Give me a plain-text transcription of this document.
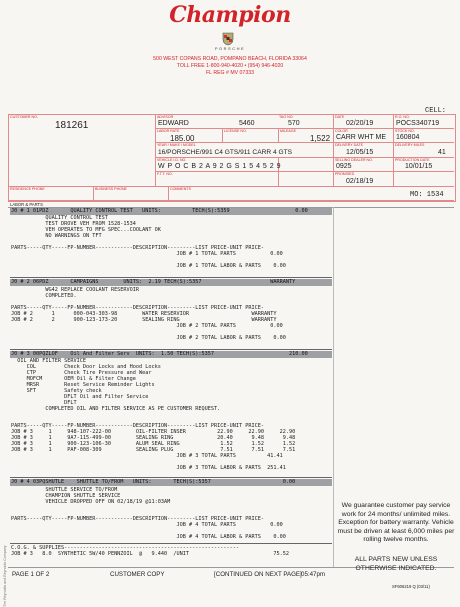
Champion
PORSCHE
500 WEST COPANS ROAD, POMPANO BEACH, FLORIDA 33064
TOLL FREE 1-800-940-4020 • (954) 946-4020
FL REG # MV 07333
CELL:
CUSTOMER NO.
181261
ADVISOR
EDWARD	5460
TAG NO.
570
DATE
02/20/19
R.O. NO.
POCS340719
LABOR RATE
185.00
LICENSE NO.	MILEAGE
1,522
COLOR
CARR WHT ME
STOCK NO.
160804
YEAR / MAKE / MODEL
16/PORSCHE/991 C4 GTS/911 CARR 4 GTS
DELIVERY DATE
12/05/15
DELIVERY MILES
41
VEHICLE I.D. NO.
W P O C B 2 A 9 2 G S 1 5 4 5 2 9
SELLING DEALER NO.
0925
PRODUCTION DATE
10/01/15
F.T.T. NO.	PROMISED
02/18/19
RESIDENCE PHONE	BUSINESS PHONE	COMMENTS
MO: 1534
LABOR & PARTS
J0 # 1 01PDZ       QUALITY CONTROL TEST   UNITS:          TECH(S):5359                     0.00
QUALITY CONTROL TEST
TEST DROVE VEH FROM 1528-1534
VEH OPERATES TO MFG SPEC...COOLANT OK
NO WARNINGS ON TFT
PARTS-----QTY-----FP-NUMBER------------DESCRIPTION---------LIST PRICE-UNIT PRICE-
JOB # 1 TOTAL PARTS           0.00

JOB # 1 TOTAL LABOR & PARTS    0.00
J0 # 2 06PDZ       CAMPAIGNS        UNITS:  2.19 TECH(S):5357                      WARRANTY
WG42 REPLACE COOLANT RESERVOIR
COMPLETED.
PARTS-----QTY-----FP-NUMBER------------DESCRIPTION---------LIST PRICE-UNIT PRICE-
JOB # 2      1      000-043-303-98        WATER RESERVIOR                    WARRANTY
JOB # 2      2      900-123-173-20        SEALING RING                       WARRANTY
JOB # 2 TOTAL PARTS           0.00

JOB # 2 TOTAL LABOR & PARTS    0.00
J0 # 3 00PQZLOF    Oil And Filter Serv  UNITS:  1.50 TECH(S):5357                        210.00
OIL AND FILTER SERVICE
COL         Check Door Locks and Hood Locks
CTP         Check Tire Pressure and Wear
MOFCM       OEM Oil & Filter Change
MRSR        Reset Service Reminder Lights
SFT         Safety check
DFLT Oil and Filter Service
DFLT
COMPLETED OIL AND FILTER SERVICE AS PE CUSTOMER REQUEST.
PARTS-----QTY-----FP-NUMBER------------DESCRIPTION---------LIST PRICE-UNIT PRICE-
JOB # 3     1     948-107-222-00        OIL-FILTER INSER          22.90     22.90     22.90
JOB # 3     1     9A7-115-499-00        SEALING RING              20.40      9.48      9.48
JOB # 3     1     900-123-106-30        ALUM SEAL RING             1.52      1.52      1.52
JOB # 3     1     PAF-008-309           SEALING PLUG               7.51      7.51      7.51
JOB # 3 TOTAL PARTS          41.41

JOB # 3 TOTAL LABOR & PARTS  251.41
J0 # 4 03PQSHUTLE    SHUTTLE TO/FROM   UNITS:       TECH(S):5357                       0.00
SHUTTLE SERVICE TO/FROM
CHAMPION SHUTTLE SERVICE
VEHICLE DROPPED OFF ON 02/18/19 @11:03AM
PARTS-----QTY-----FP-NUMBER------------DESCRIPTION---------LIST PRICE-UNIT PRICE-
JOB # 4 TOTAL PARTS           0.00

JOB # 4 TOTAL LABOR & PARTS    0.00
C.O.G. & SUPPLIES--------------------------------------------------------
JOB # 3   8.0  SYNTHETIC 5W/40 PENNZOIL  @   9.440  /UNIT                           75.52
We guarantee customer pay service work for 24 months/ unlimited miles. Exception for battery warranty. Vehicle must be driven at least 6,000 miles per rolling twelve months.
ALL PARTS NEW UNLESS OTHERWISE INDICATED.
PAGE 1 OF 2	CUSTOMER COPY	[CONTINUED ON NEXT PAGE] 05:47pm
SF606219 Q (03/11)
The Reynolds and Reynolds Company
